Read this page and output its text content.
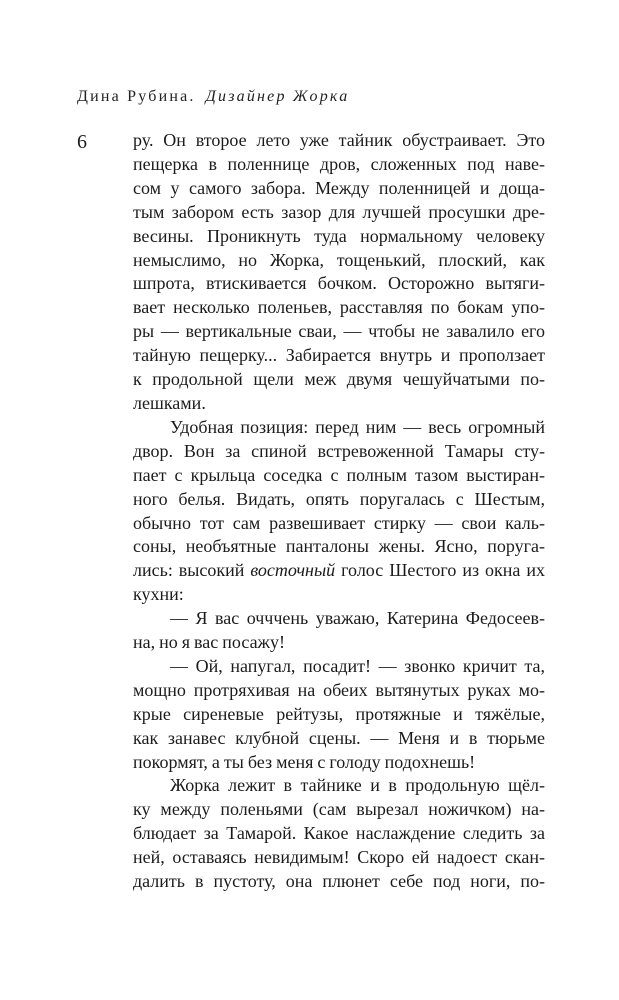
Дина Рубина. Дизайнер Жорка
6	ру. Он второе лето уже тайник обустраивает. Это
пещерка в поленнице дров, сложенных под наве-
сом у самого забора. Между поленницей и доща-
тым забором есть зазор для лучшей просушки дре-
весины. Проникнуть туда нормальному человеку
немыслимо, но Жорка, тощенький, плоский, как
шпрота, втискивается бочком. Осторожно вытяги-
вает несколько поленьев, расставляя по бокам упо-
ры — вертикальные сваи, — чтобы не завалило его
тайную пещерку... Забирается внутрь и проползает
к продольной щели меж двумя чешуйчатыми по-
лешками.
Удобная позиция: перед ним — весь огромный
двор. Вон за спиной встревоженной Тамары сту-
пает с крыльца соседка с полным тазом выстиран-
ного белья. Видать, опять поругалась с Шестым,
обычно тот сам развешивает стирку — свои каль-
соны, необъятные панталоны жены. Ясно, поруга-
лись: высокий восточный голос Шестого из окна их
кухни:
— Я вас очччень уважаю, Катерина Федосеев-
на, но я вас посажу!
— Ой, напугал, посадит! — звонко кричит та,
мощно протряхивая на обеих вытянутых руках мо-
крые сиреневые рейтузы, протяжные и тяжёлые,
как занавес клубной сцены. — Меня и в тюрьме
покормят, а ты без меня с голоду подохнешь!
Жорка лежит в тайнике и в продольную щёл-
ку между поленьями (сам вырезал ножичком) на-
блюдает за Тамарой. Какое наслаждение следить за
ней, оставаясь невидимым! Скоро ей надоест скан-
далить в пустоту, она плюнет себе под ноги, по-
